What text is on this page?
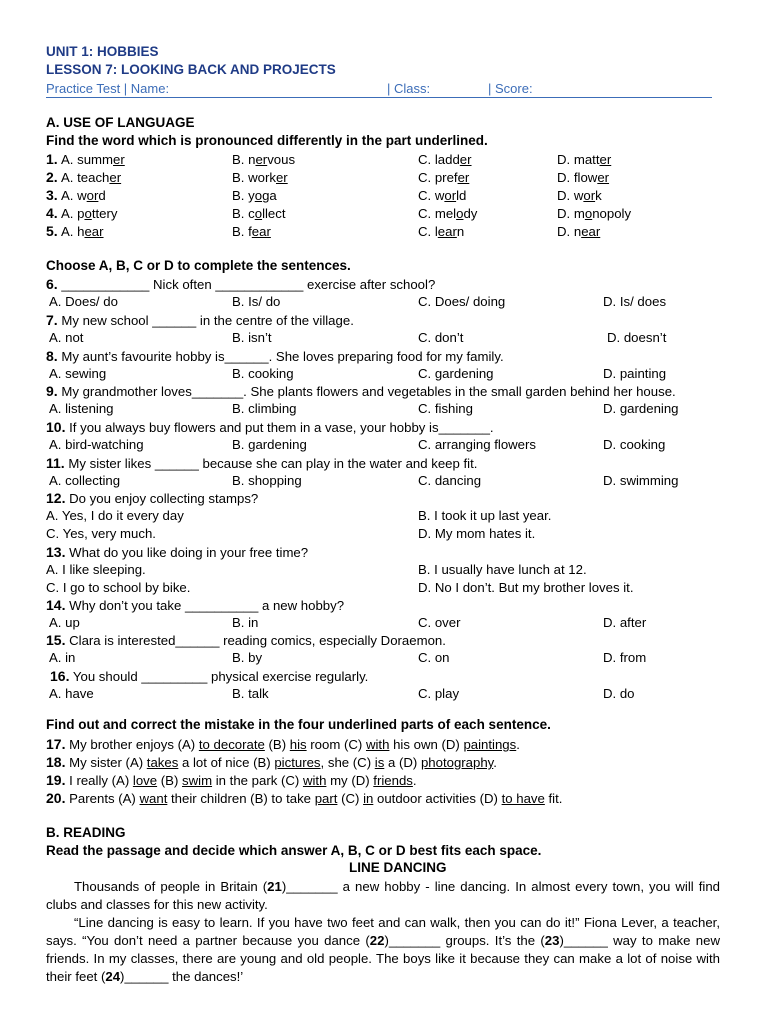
UNIT 1: HOBBIES
LESSON 7: LOOKING BACK AND PROJECTS
Practice Test | Name:	| Class:	| Score:
A. USE OF LANGUAGE
Find the word which is pronounced differently in the part underlined.
1. A. summer	B. nervous	C. ladder	D. matter
2. A. teacher	B. worker	C. prefer	D. flower
3. A. word	B. yoga	C. world	D. work
4. A. pottery	B. collect	C. melody	D. monopoly
5. A. hear	B. fear	C. learn	D. near
Choose A, B, C or D to complete the sentences.
6. ____________ Nick often ____________ exercise after school?
A. Does/ do	B. Is/ do	C. Does/ doing	D. Is/ does
7. My new school ______ in the centre of the village.
A. not	B. isn’t	C. don’t	D. doesn’t
8. My aunt’s favourite hobby is______. She loves preparing food for my family.
A. sewing	B. cooking	C. gardening	D. painting
9. My grandmother loves_______. She plants flowers and vegetables in the small garden behind her house.
A. listening	B. climbing	C. fishing	D. gardening
10. If you always buy flowers and put them in a vase, your hobby is_______.
A. bird-watching	B. gardening	C. arranging flowers	D. cooking
11. My sister likes ______ because she can play in the water and keep fit.
A. collecting	B. shopping	C. dancing	D. swimming
12. Do you enjoy collecting stamps?
A. Yes, I do it every day	B. I took it up last year.
C. Yes, very much.	D. My mom hates it.
13. What do you like doing in your free time?
A. I like sleeping.	B. I usually have lunch at 12.
C. I go to school by bike.	D. No I don’t. But my brother loves it.
14. Why don’t you take __________ a new hobby?
A. up	B. in	C. over	D. after
15. Clara is interested______ reading comics, especially Doraemon.
A. in	B. by	C. on	D. from
16. You should _________ physical exercise regularly.
A. have	B. talk	C. play	D. do
Find out and correct the mistake in the four underlined parts of each sentence.
17. My brother enjoys (A) to decorate (B) his room (C) with his own (D) paintings.
18. My sister (A) takes a lot of nice (B) pictures, she (C) is a (D) photography.
19. I really (A) love (B) swim in the park (C) with my (D) friends.
20. Parents (A) want their children (B) to take part (C) in outdoor activities (D) to have fit.
B. READING
Read the passage and decide which answer A, B, C or D best fits each space.
LINE DANCING
Thousands of people in Britain (21)_______ a new hobby - line dancing. In almost every town, you will find clubs and classes for this new activity.
“Line dancing is easy to learn. If you have two feet and can walk, then you can do it!” Fiona Lever, a teacher, says. “You don’t need a partner because you dance (22)_______ groups. It’s the (23)______ way to make new friends. In my classes, there are young and old people. The boys like it because they can make a lot of noise with their feet (24)______ the dances!’
